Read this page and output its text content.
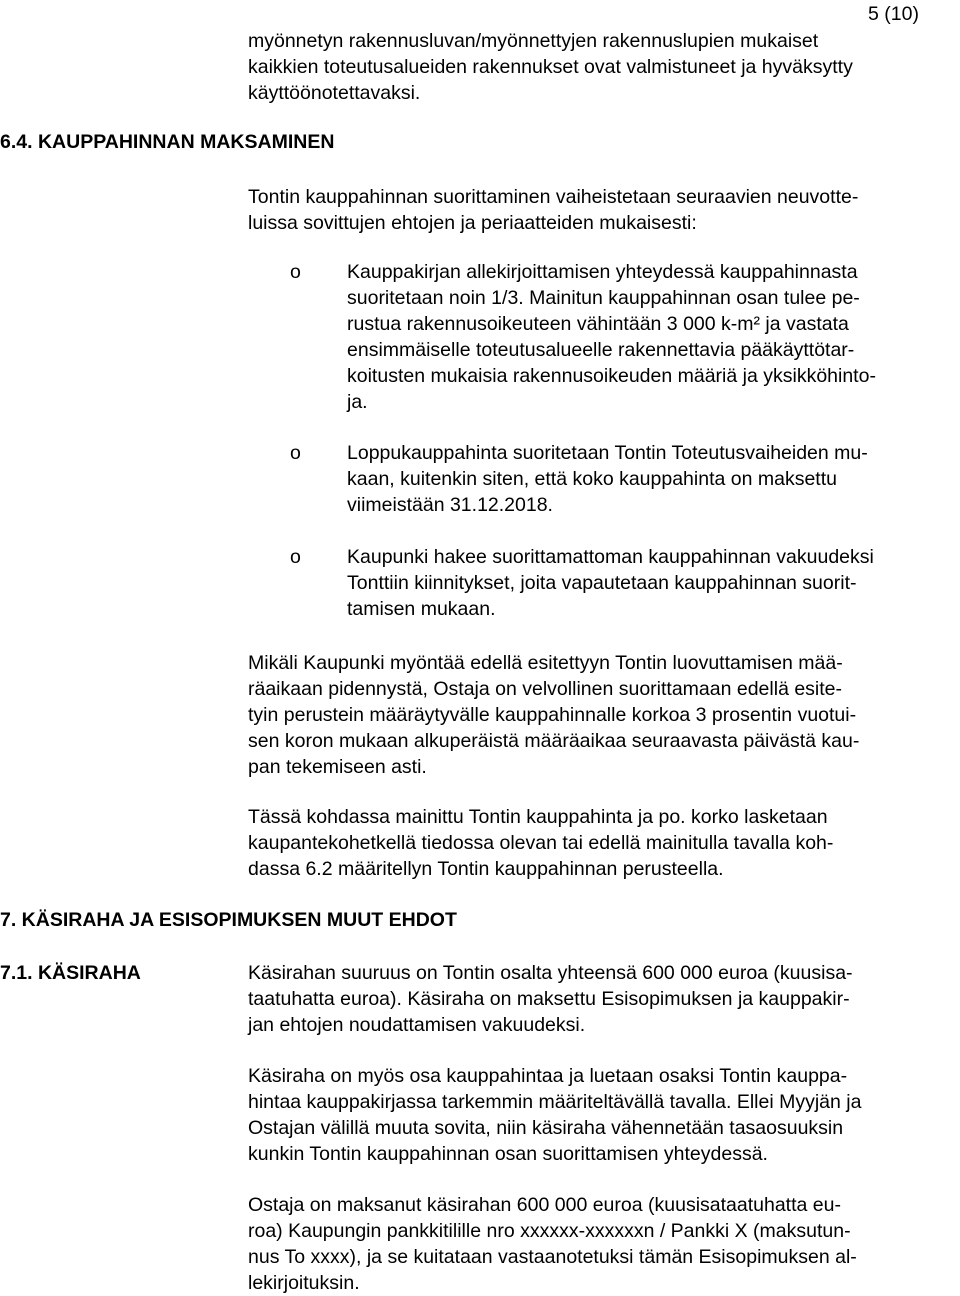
5 (10)
myönnetyn rakennusluvan/myönnettyjen rakennuslupien mukaiset
kaikkien toteutusalueiden rakennukset ovat valmistuneet ja hyväksytty
käyttöönotettavaksi.
6.4. KAUPPAHINNAN MAKSAMINEN
Tontin kauppahinnan suorittaminen vaiheistetaan seuraavien neuvotte-
luissa sovittujen ehtojen ja periaatteiden mukaisesti:
o Kauppakirjan allekirjoittamisen yhteydessä kauppahinnasta
suoritetaan noin 1/3. Mainitun kauppahinnan osan tulee pe-
rustua rakennusoikeuteen vähintään 3 000 k-m² ja vastata
ensimmäiselle toteutusalueelle rakennettavia pääkäyttötar-
koitusten mukaisia rakennusoikeuden määriä ja yksikköhinto-
ja.
o Loppukauppahinta suoritetaan Tontin Toteutusvaiheiden mu-
kaan, kuitenkin siten, että koko kauppahinta on maksettu
viimeistään 31.12.2018.
o Kaupunki hakee suorittamattoman kauppahinnan vakuudeksi
Tonttiin kiinnitykset, joita vapautetaan kauppahinnan suorit-
tamisen mukaan.
Mikäli Kaupunki myöntää edellä esitettyyn Tontin luovuttamisen mää-
räaikaan pidennystä, Ostaja on velvollinen suorittamaan edellä esite-
tyin perustein määräytyvälle kauppahinnalle korkoa 3 prosentin vuotui-
sen koron mukaan alkuperäistä määräaikaa seuraavasta päivästä kau-
pan tekemiseen asti.
Tässä kohdassa mainittu Tontin kauppahinta ja po. korko lasketaan
kaupantekohetkellä tiedossa olevan tai edellä mainitulla tavalla koh-
dassa 6.2 määritellyn Tontin kauppahinnan perusteella.
7. KÄSIRAHA JA ESISOPIMUKSEN MUUT EHDOT
7.1. KÄSIRAHA	Käsirahan suuruus on Tontin osalta yhteensä 600 000 euroa (kuusisa-
taatuhatta euroa). Käsiraha on maksettu Esisopimuksen ja kauppakir-
jan ehtojen noudattamisen vakuudeksi.
Käsiraha on myös osa kauppahintaa ja luetaan osaksi Tontin kauppa-
hintaa kauppakirjassa tarkemmin määriteltävällä tavalla. Ellei Myyjän ja
Ostajan välillä muuta sovita, niin käsiraha vähennetään tasaosuuksin
kunkin Tontin kauppahinnan osan suorittamisen yhteydessä.
Ostaja on maksanut käsirahan 600 000 euroa (kuusisataatuhatta eu-
roa) Kaupungin pankkitilille nro xxxxxx-xxxxxxn / Pankki X (maksutun-
nus To xxxx), ja se kuitataan vastaanotetuksi tämän Esisopimuksen al-
lekirjoituksin.
